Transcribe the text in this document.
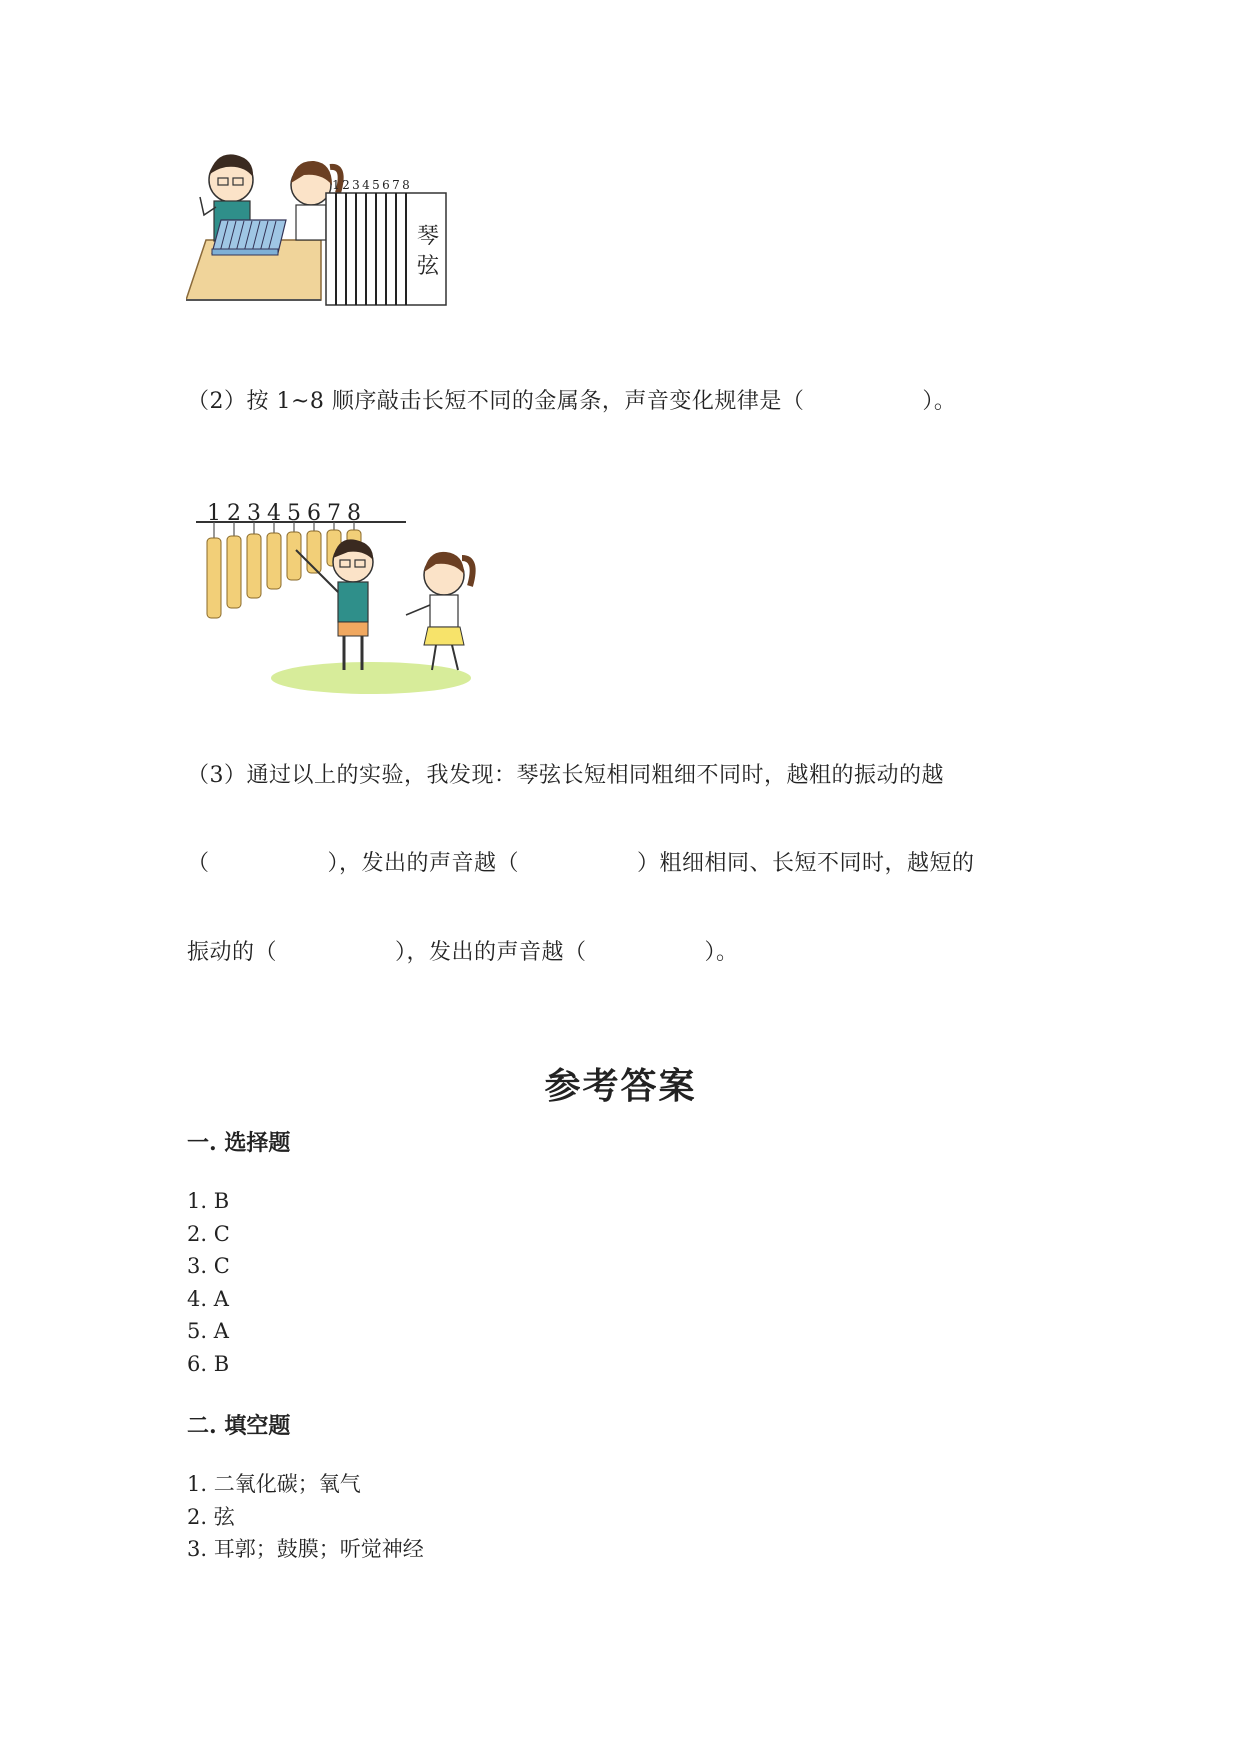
1 2 3 4 5 6 7 8
琴
弦
（2）按 1~8 顺序敲击长短不同的金属条，声音变化规律是（	）。
1 2 3 4 5 6 7 8
（3）通过以上的实验，我发现：琴弦长短相同粗细不同时，越粗的振动的越
（	），发出的声音越（	）粗细相同、长短不同时，越短的
振动的（	），发出的声音越（	）。
参考答案
一. 选择题
1. B
2. C
3. C
4. A
5. A
6. B
二. 填空题
1. 二氧化碳；氧气
2. 弦
3. 耳郭；鼓膜；听觉神经
